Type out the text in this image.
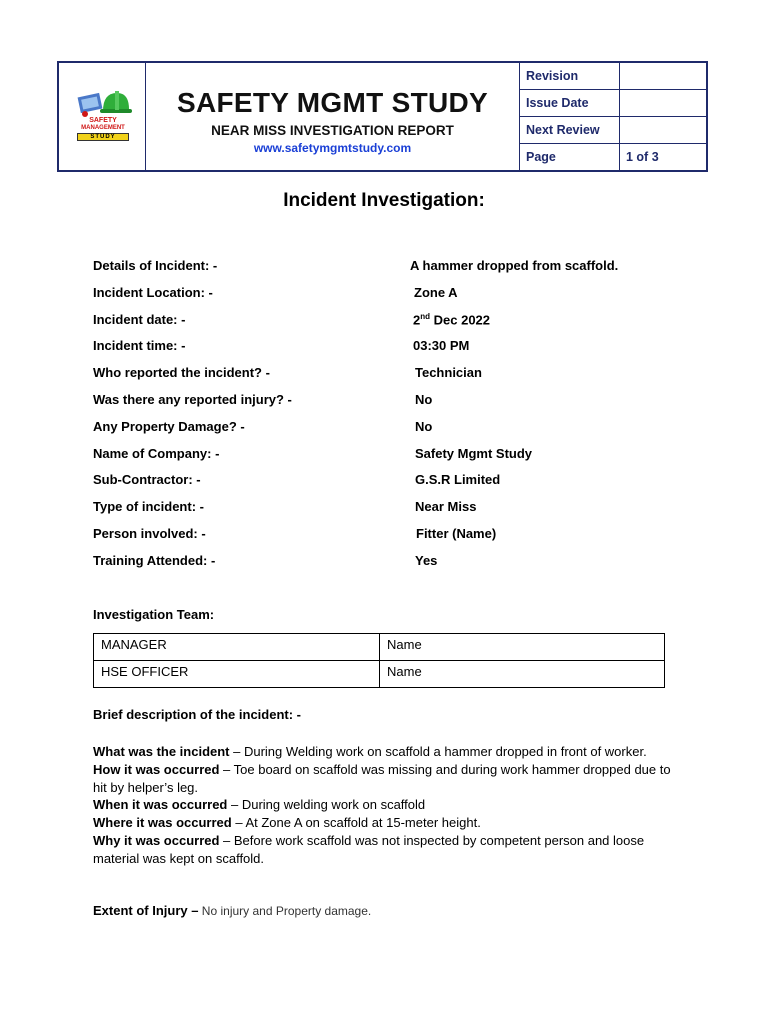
SAFETY
MANAGEMENT
STUDY
SAFETY MGMT STUDY
NEAR MISS INVESTIGATION REPORT
www.safetymgmtstudy.com
Revision	
Issue Date	
Next Review	
Page	1 of 3
Incident Investigation:
Details of Incident: -	A hammer dropped from scaffold.
Incident Location: -	Zone A
Incident date: -	2nd Dec 2022
Incident time: -	03:30 PM
Who reported the incident? -	Technician
Was there any reported injury? -	No
Any Property Damage? -	No
Name of Company: -	Safety Mgmt Study
Sub-Contractor: -	G.S.R Limited
Type of incident: -	Near Miss
Person involved: -	Fitter (Name)
Training Attended: -	Yes
Investigation Team:
MANAGER	Name
HSE OFFICER	Name
Brief description of the incident: -

What was the incident – During Welding work on scaffold a hammer dropped in front of worker.

How it was occurred – Toe board on scaffold was missing and during work hammer dropped due to hit by helper’s leg.

When it was occurred – During welding work on scaffold

Where it was occurred – At Zone A on scaffold at 15-meter height.

Why it was occurred – Before work scaffold was not inspected by competent person and loose material was kept on scaffold.

Extent of Injury – No injury and Property damage.
